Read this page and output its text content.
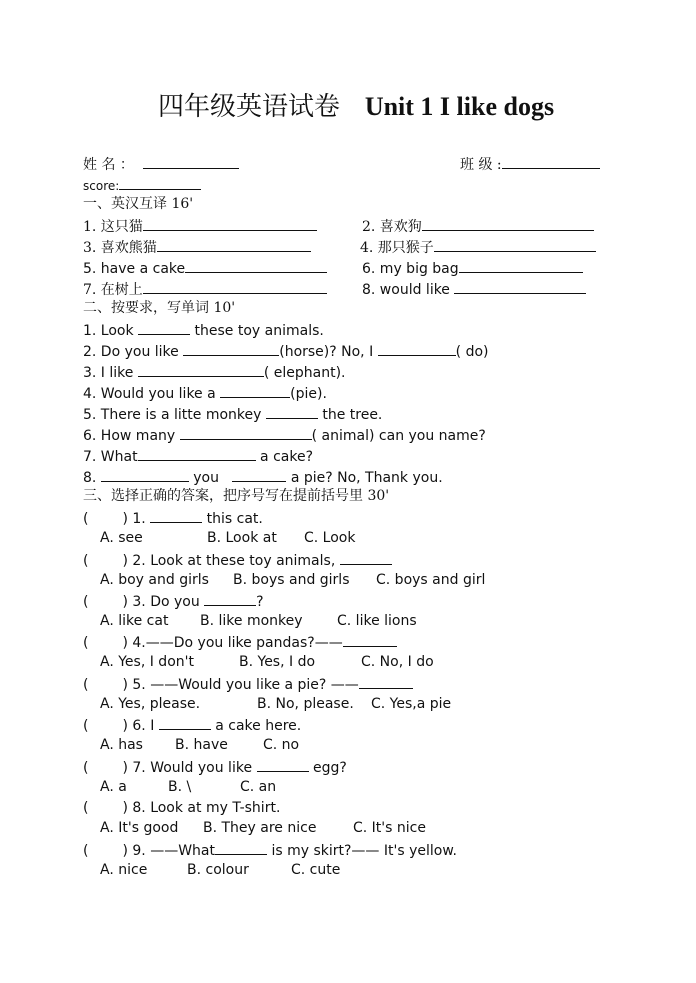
四年级英语试卷 Unit 1 I like dogs
姓 名 ：	班 级 :
score:
一、英汉互译 16'
1. 这只猫	2. 喜欢狗
3. 喜欢熊猫	4. 那只猴子
5. have a cake	6. my big bag
7. 在树上	8. would like
二、按要求，写单词 10'
1. Look	these toy animals.
2. Do you like	(horse)? No, I	( do)
3. I like	( elephant).
4. Would you like a	(pie).
5. There is a litte monkey	the tree.
6. How many	( animal) can you name?
7. What	a cake?
8.	you	a pie? No, Thank you.
三、选择正确的答案，把序号写在提前括号里 30'
( ) 1.	this cat.
A. see	B. Look at C. Look
( ) 2. Look at these toy animals,
A. boy and girls B. boys and girls C. boys and girl
( ) 3. Do you	?
A. like cat B. like monkey C. like lions
( ) 4.——Do you like pandas?——
A. Yes, I don't	B. Yes, I do	C. No, I do
( ) 5. ——Would you like a pie? ——
A. Yes, please.	B. No, please. C. Yes,a pie
( ) 6. I	a cake here.
A. has B. have	C. no
( ) 7. Would you like	egg?
A. a	B. \	C. an
( ) 8. Look at my T-shirt.
A. It's good B. They are nice	C. It's nice
( ) 9. ——What	is my skirt?—— It's yellow.
A. nice	B. colour	C. cute
